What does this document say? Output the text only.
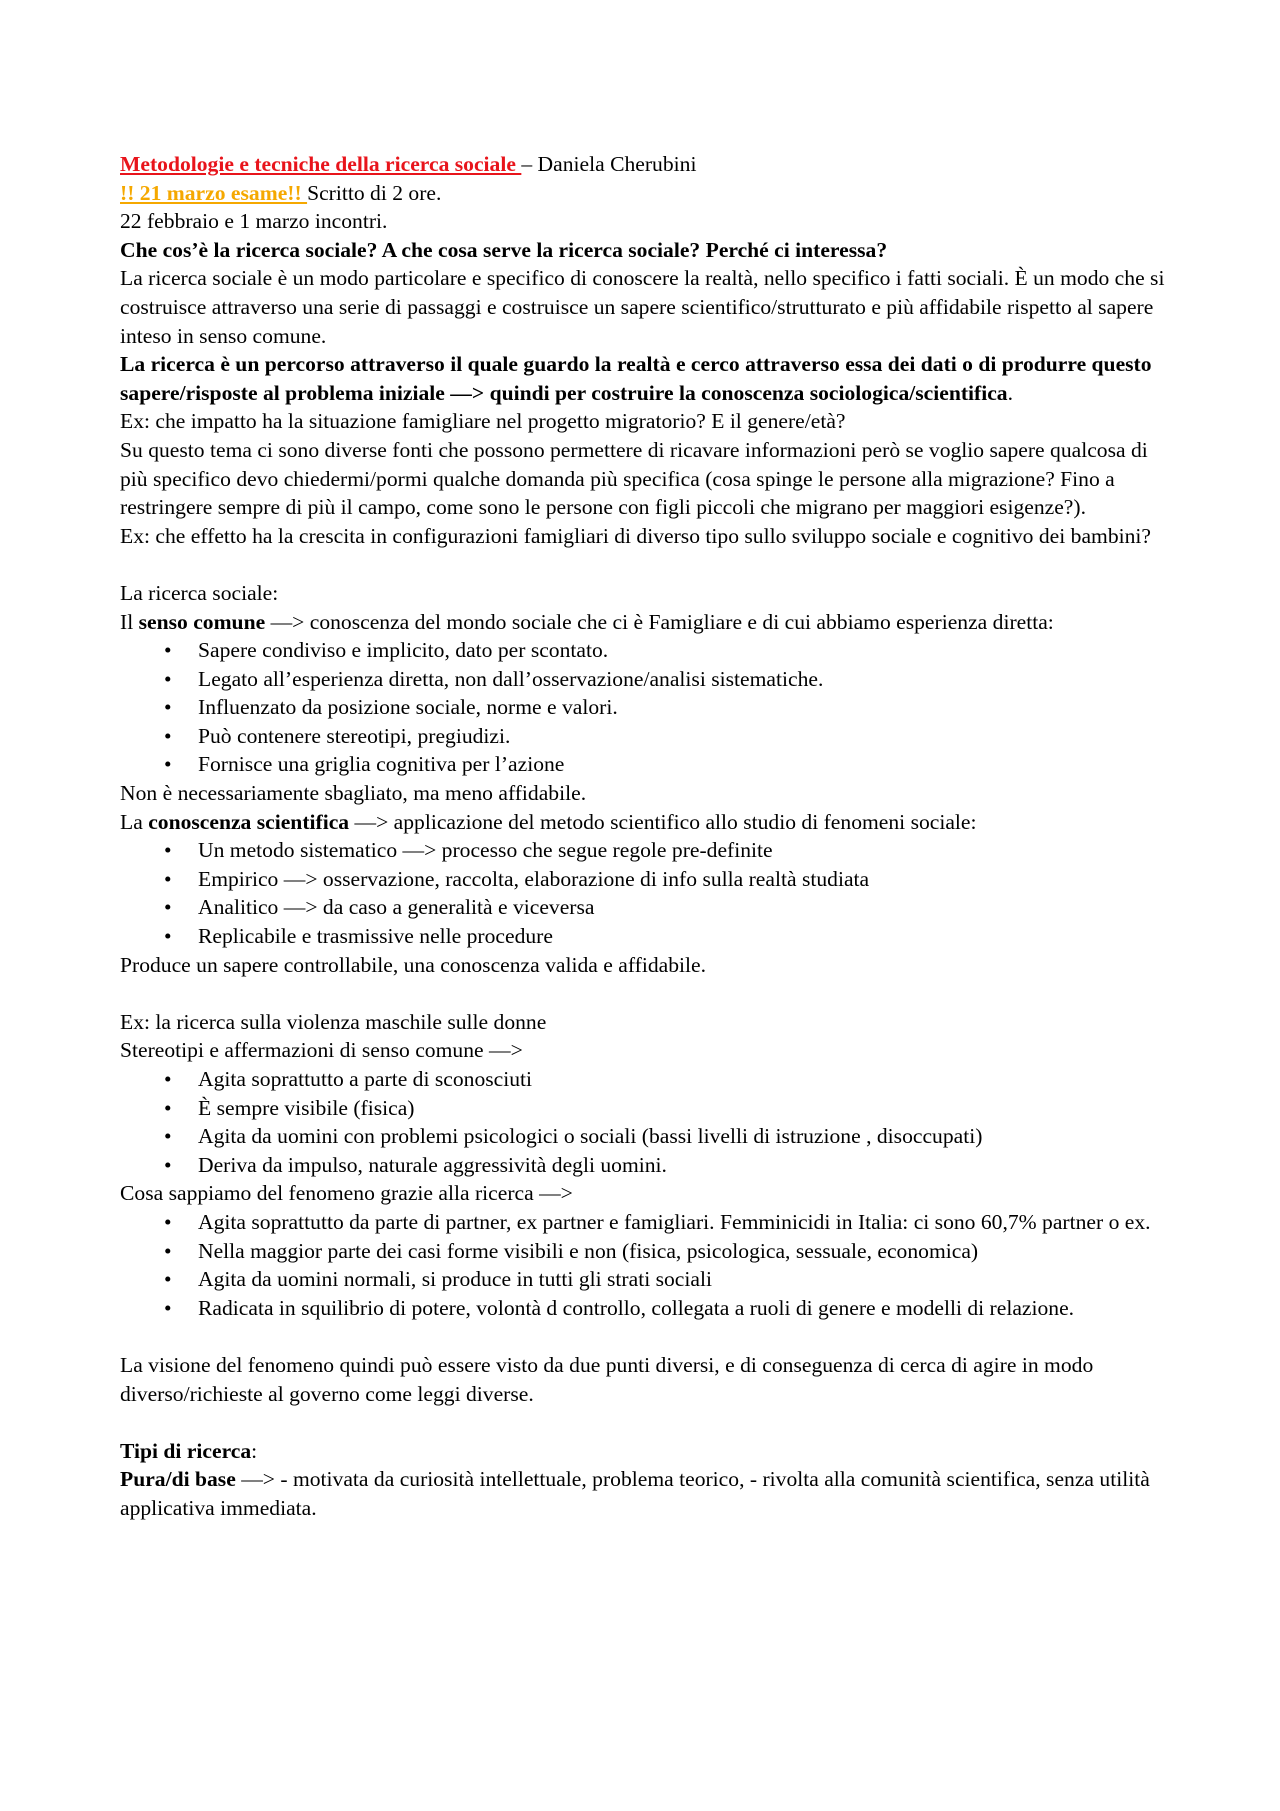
Metodologie e tecniche della ricerca sociale – Daniela Cherubini

!! 21 marzo esame!! Scritto di 2 ore.

22 febbraio e 1 marzo incontri.

Che cos’è la ricerca sociale? A che cosa serve la ricerca sociale? Perché ci interessa?

La ricerca sociale è un modo particolare e specifico di conoscere la realtà, nello specifico i fatti sociali. È un modo che si costruisce attraverso una serie di passaggi e costruisce un sapere scientifico/strutturato e più affidabile rispetto al sapere inteso in senso comune.

La ricerca è un percorso attraverso il quale guardo la realtà e cerco attraverso essa dei dati o di produrre questo sapere/risposte al problema iniziale —> quindi per costruire la conoscenza sociologica/scientifica.

Ex: che impatto ha la situazione famigliare nel progetto migratorio? E il genere/età?

Su questo tema ci sono diverse fonti che possono permettere di ricavare informazioni però se voglio sapere qualcosa di più specifico devo chiedermi/pormi qualche domanda più specifica (cosa spinge le persone alla migrazione? Fino a restringere sempre di più il campo, come sono le persone con figli piccoli che migrano per maggiori esigenze?).

Ex: che effetto ha la crescita in configurazioni famigliari di diverso tipo sullo sviluppo sociale e cognitivo dei bambini?

La ricerca sociale:

Il senso comune —> conoscenza del mondo sociale che ci è Famigliare e di cui abbiamo esperienza diretta:

• Sapere condiviso e implicito, dato per scontato.
• Legato all’esperienza diretta, non dall’osservazione/analisi sistematiche.
• Influenzato da posizione sociale, norme e valori.
• Può contenere stereotipi, pregiudizi.
• Fornisce una griglia cognitiva per l’azione

Non è necessariamente sbagliato, ma meno affidabile.

La conoscenza scientifica —> applicazione del metodo scientifico allo studio di fenomeni sociale:

• Un metodo sistematico —> processo che segue regole pre-definite
• Empirico —> osservazione, raccolta, elaborazione di info sulla realtà studiata
• Analitico —> da caso a generalità e viceversa
• Replicabile e trasmissive nelle procedure

Produce un sapere controllabile, una conoscenza valida e affidabile.

Ex: la ricerca sulla violenza maschile sulle donne

Stereotipi e affermazioni di senso comune —>

• Agita soprattutto a parte di sconosciuti
• È sempre visibile (fisica)
• Agita da uomini con problemi psicologici o sociali (bassi livelli di istruzione , disoccupati)
• Deriva da impulso, naturale aggressività degli uomini.

Cosa sappiamo del fenomeno grazie alla ricerca —>

• Agita soprattutto da parte di partner, ex partner e famigliari. Femminicidi in Italia: ci sono 60,7% partner o ex.
• Nella maggior parte dei casi forme visibili e non (fisica, psicologica, sessuale, economica)
• Agita da uomini normali, si produce in tutti gli strati sociali
• Radicata in squilibrio di potere, volontà d controllo, collegata a ruoli di genere e modelli di relazione.

La visione del fenomeno quindi può essere visto da due punti diversi, e di conseguenza di cerca di agire in modo diverso/richieste al governo come leggi diverse.

Tipi di ricerca:

Pura/di base —> - motivata da curiosità intellettuale, problema teorico, - rivolta alla comunità scientifica, senza utilità applicativa immediata.
